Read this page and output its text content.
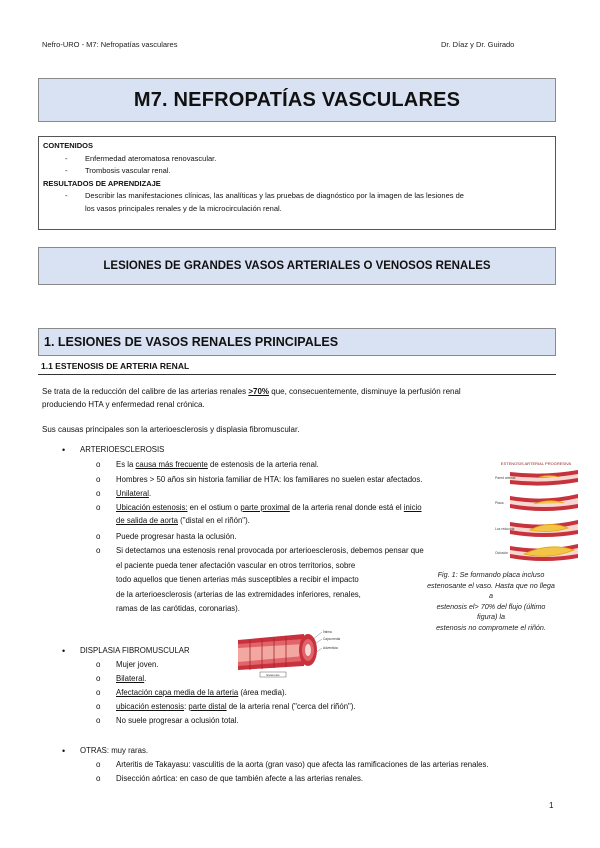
Nefro-URO - M7: Nefropatías vasculares	Dr. Díaz y Dr. Guirado
M7. NEFROPATÍAS VASCULARES
CONTENIDOS
- Enfermedad ateromatosa renovascular.
- Trombosis vascular renal.
RESULTADOS DE APRENDIZAJE
- Describir las manifestaciones clínicas, las analíticas y las pruebas de diagnóstico por la imagen de las lesiones de
los vasos principales renales y de la microcirculación renal.
LESIONES DE GRANDES VASOS ARTERIALES O VENOSOS RENALES
1. LESIONES DE VASOS RENALES PRINCIPALES
1.1 ESTENOSIS DE ARTERIA RENAL
Se trata de la reducción del calibre de las arterias renales >70% que, consecuentemente, disminuye la perfusión renal
produciendo HTA y enfermedad renal crónica.
Sus causas principales son la arterioesclerosis y displasia fibromuscular.
• ARTERIOESCLEROSIS
o Es la causa más frecuente de estenosis de la arteria renal.
o Hombres > 50 años sin historia familiar de HTA: los familiares no suelen estar afectados.
o Unilateral.
o Ubicación estenosis: en el ostium o parte proximal de la arteria renal donde está el inicio
de salida de aorta ("distal en el riñón").
o Puede progresar hasta la oclusión.
o Si detectamos una estenosis renal provocada por arterioesclerosis, debemos pensar que
el paciente pueda tener afectación vascular en otros territorios, sobre
todo aquellos que tienen arterias más susceptibles a recibir el impacto
de la arterioesclerosis (arterias de las extremidades inferiores, renales,
ramas de las carótidas, coronarias).
ESTENOSIS ARTERIAL PROGRESIVA
Pared arterial
Placa
Luz reducida
Oclusión
Fig. 1: Se formando placa incluso
estenosante el vaso. Hasta que no llega a
estenosis el> 70% del flujo (último figura) la
estenosis no compromete el riñón.
• DISPLASIA FIBROMUSCULAR
o Mujer joven.
o Bilateral.
o Afectación capa media de la arteria (área media).
o ubicación estenosis: parte distal de la arteria renal ("cerca del riñón").
o No suele progresar a oclusión total.
Íntima
Capa media
Adventicia
Estenosis
• OTRAS: muy raras.
o Arteritis de Takayasu: vasculitis de la aorta (gran vaso) que afecta las ramificaciones de las arterias renales.
o Disección aórtica: en caso de que también afecte a las arterias renales.
1
